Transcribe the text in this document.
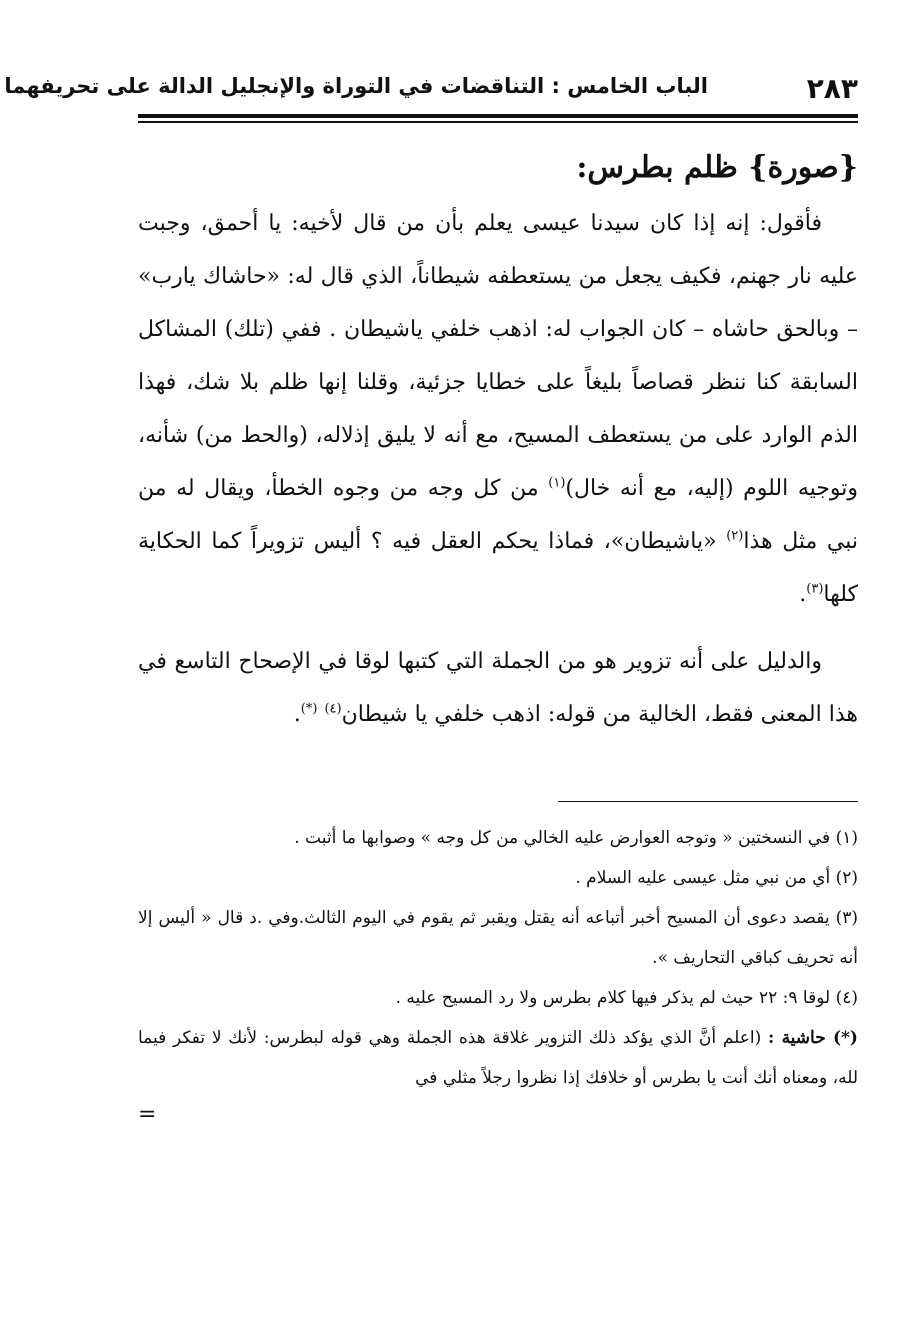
٢٨٣
الباب الخامس : التناقضات في التوراة والإنجليل الدالة على تحريفهما
{صورة} ظلم بطرس:

فأقول: إنه إذا كان سيدنا عيسى يعلم بأن من قال لأخيه: يا أحمق، وجبت عليه نار جهنم، فكيف يجعل من يستعطفه شيطاناً، الذي قال له: «حاشاك يارب» – وبالحق حاشاه – كان الجواب له: اذهب خلفي ياشيطان . ففي (تلك) المشاكل السابقة كنا ننظر قصاصاً بليغاً على خطايا جزئية، وقلنا إنها ظلم بلا شك، فهذا الذم الوارد على من يستعطف المسيح، مع أنه لا يليق إذلاله، (والحط من) شأنه، وتوجيه اللوم (إليه، مع أنه خال)$^{(١)}$ من كل وجه من وجوه الخطأ، ويقال له من نبي مثل هذا$^{(٢)}$ «ياشيطان»، فماذا يحكم العقل فيه ؟ أليس تزويراً كما الحكاية كلها$^{(٣)}$.

والدليل على أنه تزوير هو من الجملة التي كتبها لوقا في الإصحاح التاسع في هذا المعنى فقط، الخالية من قوله: اذهب خلفي يا شيطان$^{(٤)}$ (*).

(١) في النسختين « وتوجه العوارض عليه الخالي من كل وجه » وصوابها ما أثبت .

(٢) أي من نبي مثل عيسى عليه السلام .

(٣) يقصد دعوى أن المسيح أخبر أتباعه أنه يقتل ويقبر ثم يقوم في اليوم الثالث.وفي .د قال « أليس إلا أنه تحريف كباقي التحاريف ».

(٤) لوقا ٩: ٢٢ حيث لم يذكر فيها كلام بطرس ولا رد المسيح عليه .

(*) حاشية : (اعلم أنَّ الذي يؤكد ذلك التزوير غلاقة هذه الجملة وهي قوله لبطرس: لأنك لا تفكر فيما لله، ومعناه أنك أنت يا بطرس أو خلافك إذا نظروا رجلاً مثلي في

=
